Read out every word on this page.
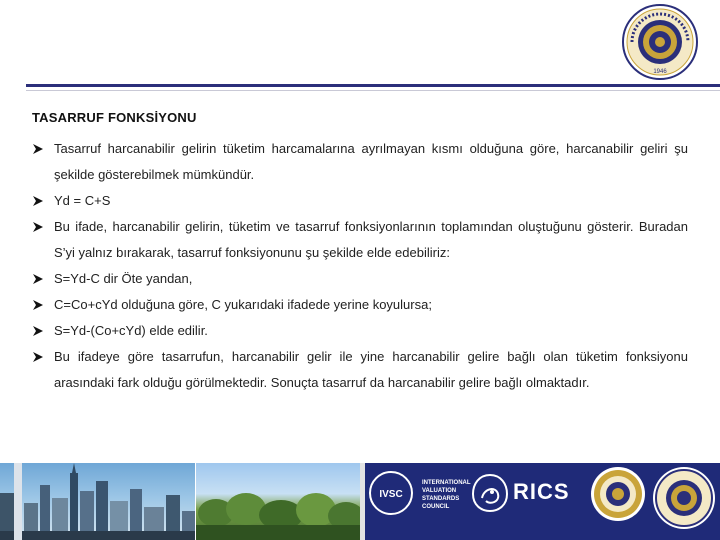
1946
TASARRUF FONKSİYONU
Tasarruf harcanabilir gelirin tüketim harcamalarına ayrılmayan kısmı olduğuna göre, harcanabilir geliri şu şekilde gösterebilmek mümkündür.
Yd = C+S
Bu ifade, harcanabilir gelirin, tüketim ve tasarruf fonksiyonlarının toplamından oluştuğunu gösterir. Buradan S’yi yalnız bırakarak, tasarruf fonksiyonunu şu şekilde elde edebiliriz:
S=Yd-C dir Öte yandan,
C=Co+cYd olduğuna göre, C yukarıdaki ifadede yerine koyulursa;
S=Yd-(Co+cYd) elde edilir.
Bu ifadeye göre tasarrufun, harcanabilir gelir ile yine harcanabilir gelire bağlı olan tüketim fonksiyonu arasındaki fark olduğu görülmektedir. Sonuçta tasarruf da harcanabilir gelire bağlı olmaktadır.
IVSC
INTERNATIONAL VALUATION STANDARDS COUNCIL
RICS
